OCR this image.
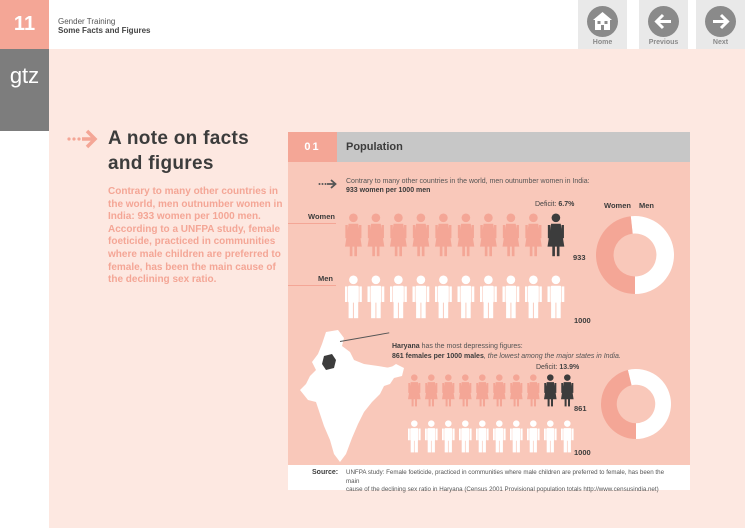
11	Gender Training
Some Facts and Figures
Home	Previous	Next
gtz
A note on facts
and figures
Contrary to many other countries in the world, men outnumber women in India: 933 women per 1000 men. According to a UNFPA study, female foeticide, practiced in communities where male children are preferred to female, has been the main cause of the declining sex ratio.
01	Population
Contrary to many other countries in the world, men outnumber women in India:
933 women per 1000 men
Women
Men
Deficit: 6.7%	Women Men
933
1000
Haryana has the most depressing figures:
861 females per 1000 males, the lowest among the major states in India.
Deficit: 13.9%
861
1000
Source: UNFPA study: Female foeticide, practiced in communities where male children are preferred to female, has been the main
cause of the declining sex ratio in Haryana (Census 2001 Provisional population totals http://www.censusindia.net)
